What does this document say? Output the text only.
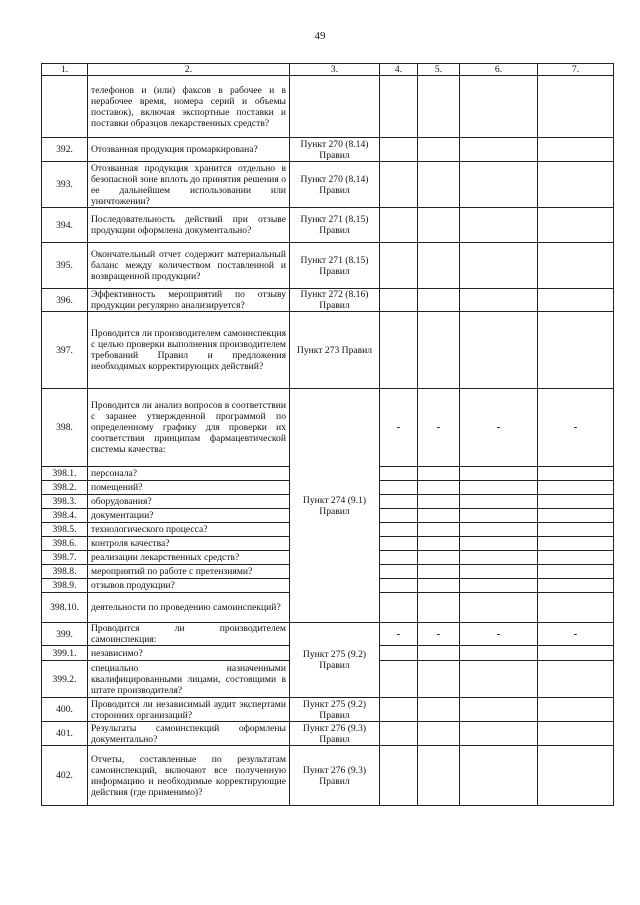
49
1.	2.	3.	4.	5.	6.	7.
	телефонов и (или) факсов в рабочее и в нерабочее время, номера серий и объемы поставок), включая экспортные поставки и поставки образцов лекарственных средств?					
392.	Отозванная продукция промаркирована?	Пункт 270 (8.14) Правил				
393.	Отозванная продукция хранится отдельно в безопасной зоне вплоть до принятия решения о ее дальнейшем использовании или уничтожении?	Пункт 270 (8.14) Правил				
394.	Последовательность действий при отзыве продукции оформлена документально?	Пункт 271 (8.15) Правил				
395.	Окончательный отчет содержит материальный баланс между количеством поставленной и возвращенной продукции?	Пункт 271 (8.15) Правил				
396.	Эффективность мероприятий по отзыву продукции регулярно анализируется?	Пункт 272 (8.16) Правил				
397.	Проводится ли производителем самоинспекция с целью проверки выполнения производителем требований Правил и предложения необходимых корректирующих действий?	Пункт 273 Правил				
398.	Проводится ли анализ вопросов в соответствии с заранее утвержденной программой по определенному графику для проверки их соответствия принципам фармацевтической системы качества:	Пункт 274 (9.1) Правил	-	-	-	-
398.1.	персонала?					
398.2.	помещений?					
398.3.	оборудования?					
398.4.	документации?					
398.5.	технологического процесса?					
398.6.	контроля качества?					
398.7.	реализации лекарственных средств?					
398.8.	мероприятий по работе с претензиями?					
398.9.	отзывов продукции?					
398.10.	деятельности по проведению самоинспекций?					
399.	Проводится ли производителем самоинспекция:	Пункт 275 (9.2) Правил	-	-	-	-
399.1.	независимо?					
399.2.	специально назначенными квалифицированными лицами, состоящими в штате производителя?					
400.	Проводится ли независимый аудит экспертами сторонних организаций?	Пункт 275 (9.2) Правил				
401.	Результаты самоинспекций оформлены документально?	Пункт 276 (9.3) Правил				
402.	Отчеты, составленные по результатам самоинспекций, включают все полученную информацию и необходимые корректирующие действия (где применимо)?	Пункт 276 (9.3) Правил				
